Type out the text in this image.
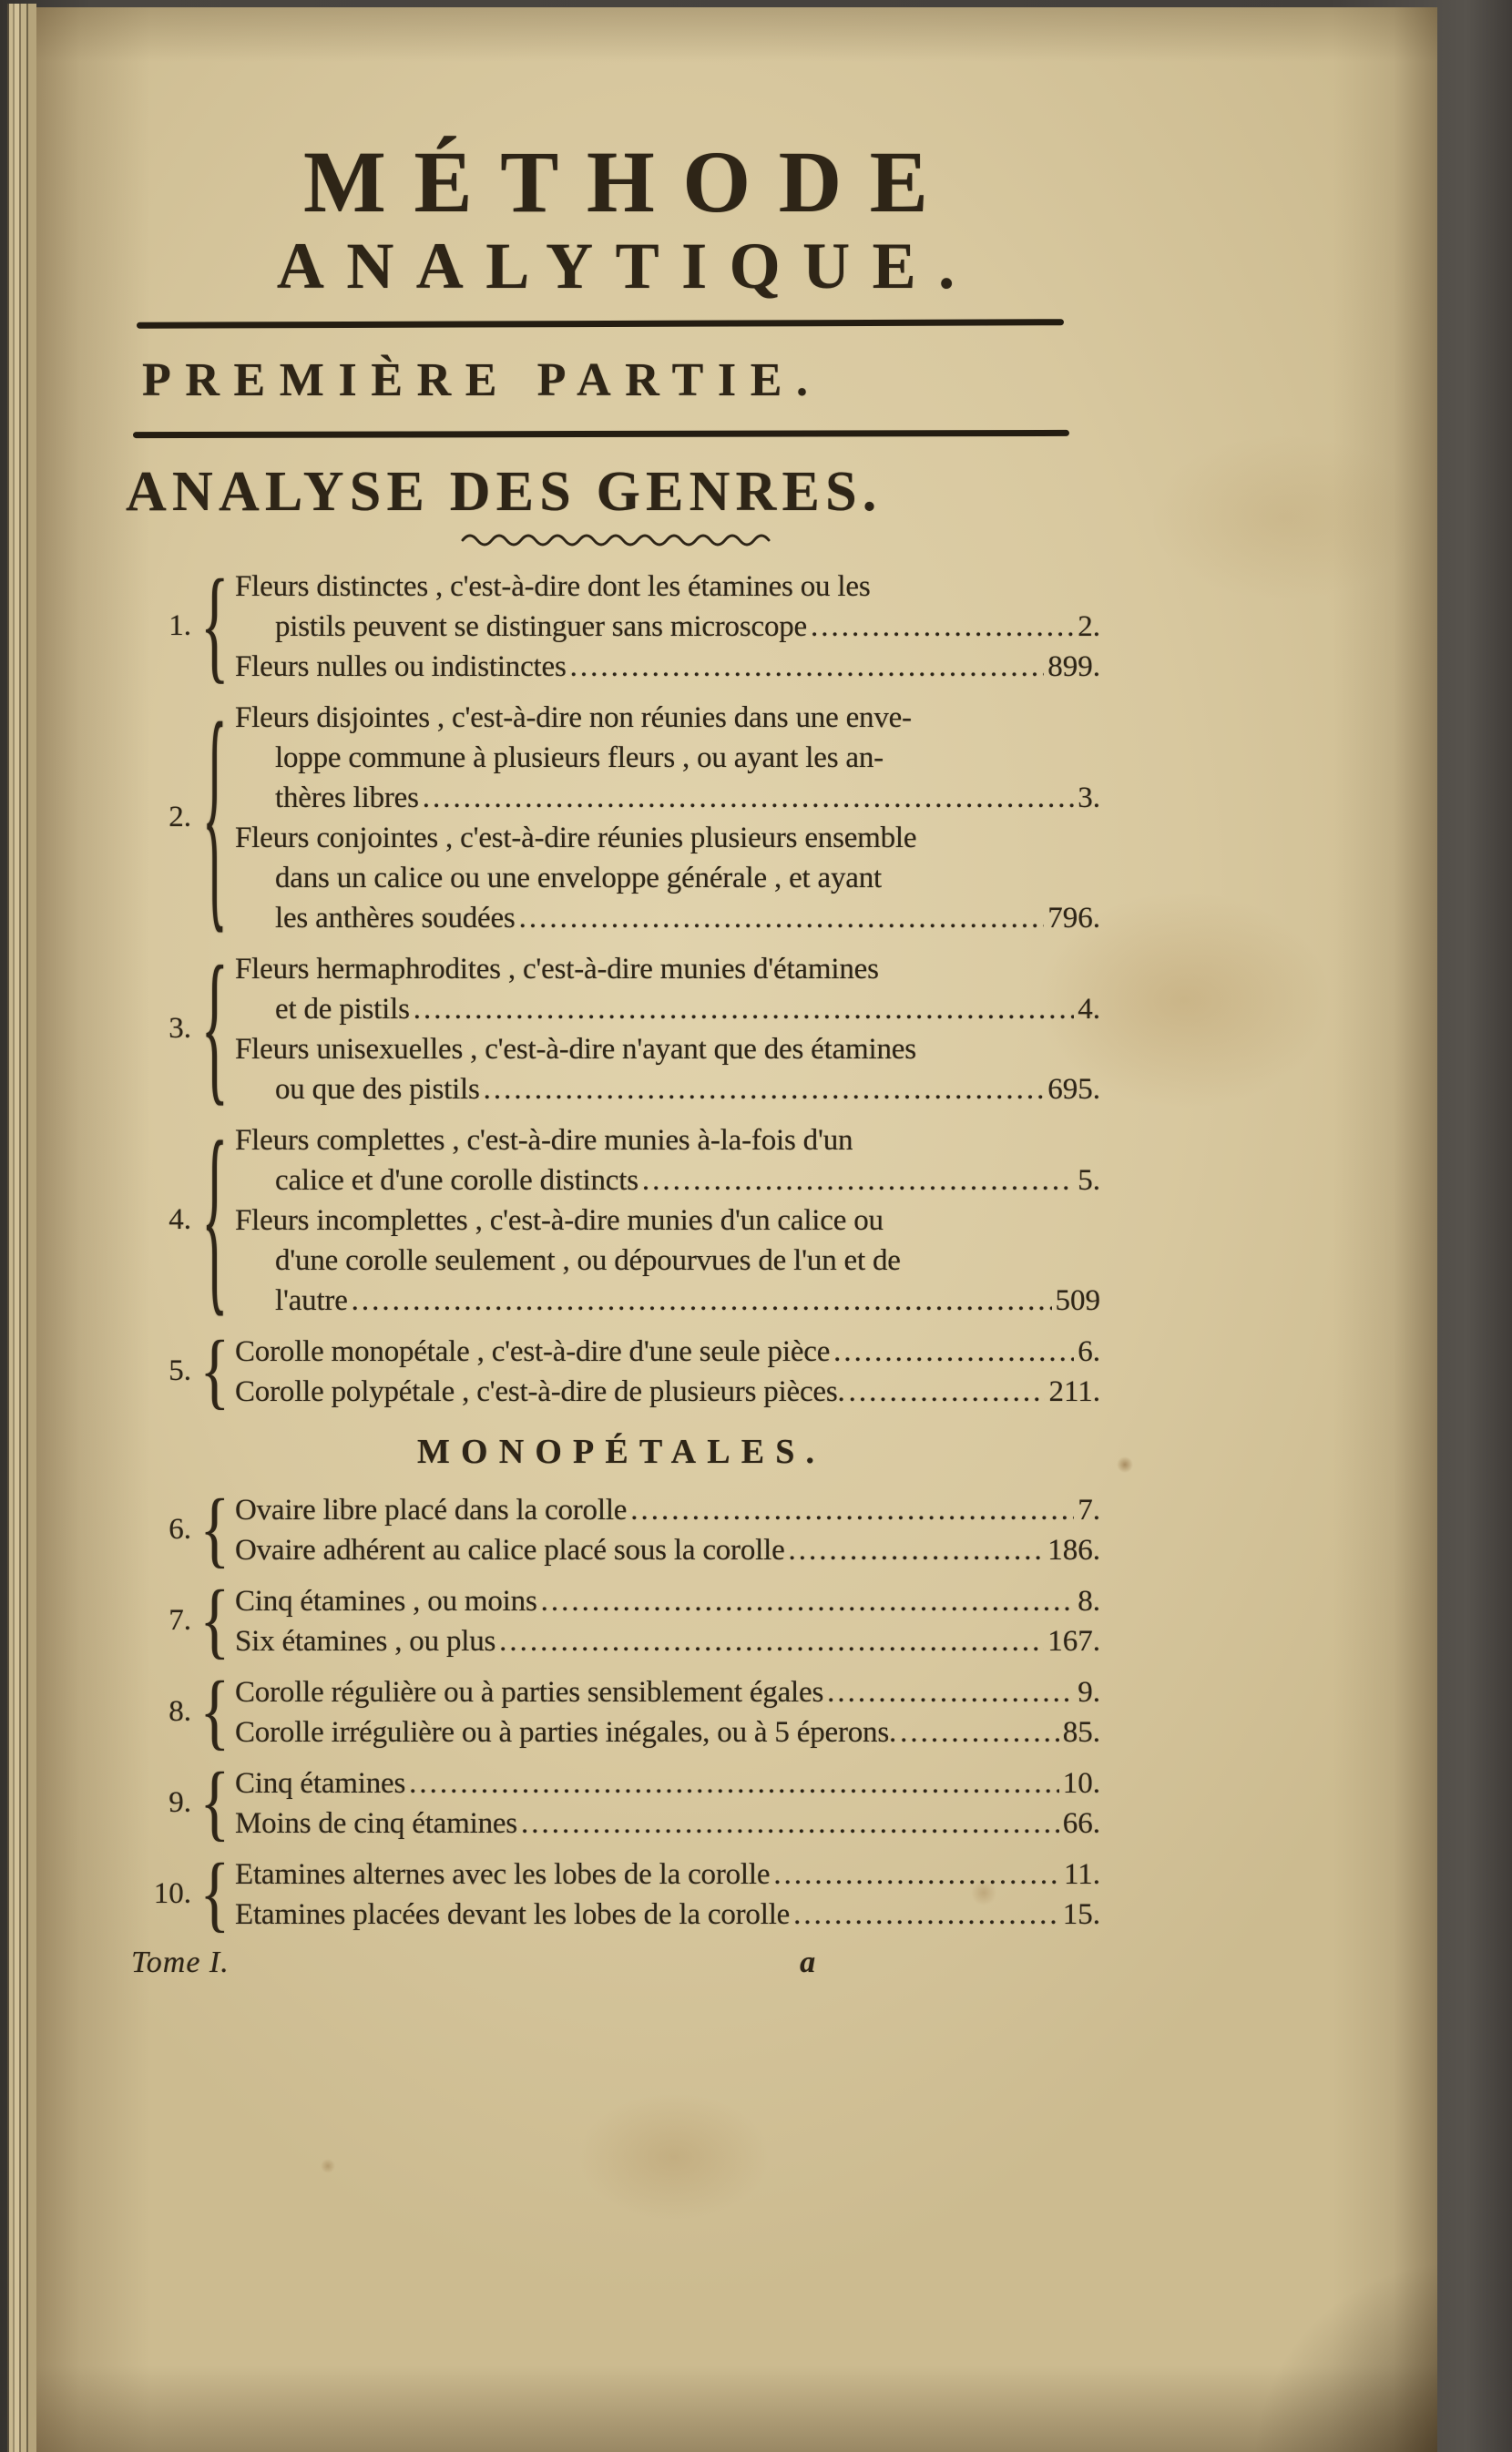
MÉTHODE
ANALYTIQUE.
PREMIÈRE PARTIE.
ANALYSE DES GENRES.
1. { Fleurs distinctes , c'est-à-dire dont les étamines ou les
pistils peuvent se distinguer sans microscope .....	2.
Fleurs nulles ou indistinctes .....	899.
2. { Fleurs disjointes , c'est-à-dire non réunies dans une enve-
loppe commune à plusieurs fleurs , ou ayant les an-
thères libres .....	3.
Fleurs conjointes , c'est-à-dire réunies plusieurs ensemble
dans un calice ou une enveloppe générale , et ayant
les anthères soudées .....	796.
3. { Fleurs hermaphrodites , c'est-à-dire munies d'étamines
et de pistils .....	4.
Fleurs unisexuelles , c'est-à-dire n'ayant que des étamines
ou que des pistils .....	695.
4. { Fleurs complettes , c'est-à-dire munies à-la-fois d'un
calice et d'une corolle distincts .....	5.
Fleurs incomplettes , c'est-à-dire munies d'un calice ou
d'une corolle seulement , ou dépourvues de l'un et de
l'autre .....	509
5. { Corolle monopétale , c'est-à-dire d'une seule pièce .....	6.
Corolle polypétale , c'est-à-dire de plusieurs pièces. .....	211.
MONOPÉTALES.
6. { Ovaire libre placé dans la corolle .....	7.
Ovaire adhérent au calice placé sous la corolle .....	186.
7. { Cinq étamines , ou moins .....	8.
Six étamines , ou plus .....	167.
8. { Corolle régulière ou à parties sensiblement égales .....	9.
Corolle irrégulière ou à parties inégales, ou à 5 éperons. .....	85.
9. { Cinq étamines .....	10.
Moins de cinq étamines .....	66.
10. { Etamines alternes avec les lobes de la corolle .....	11.
Etamines placées devant les lobes de la corolle .....	15.
Tome I.	a
